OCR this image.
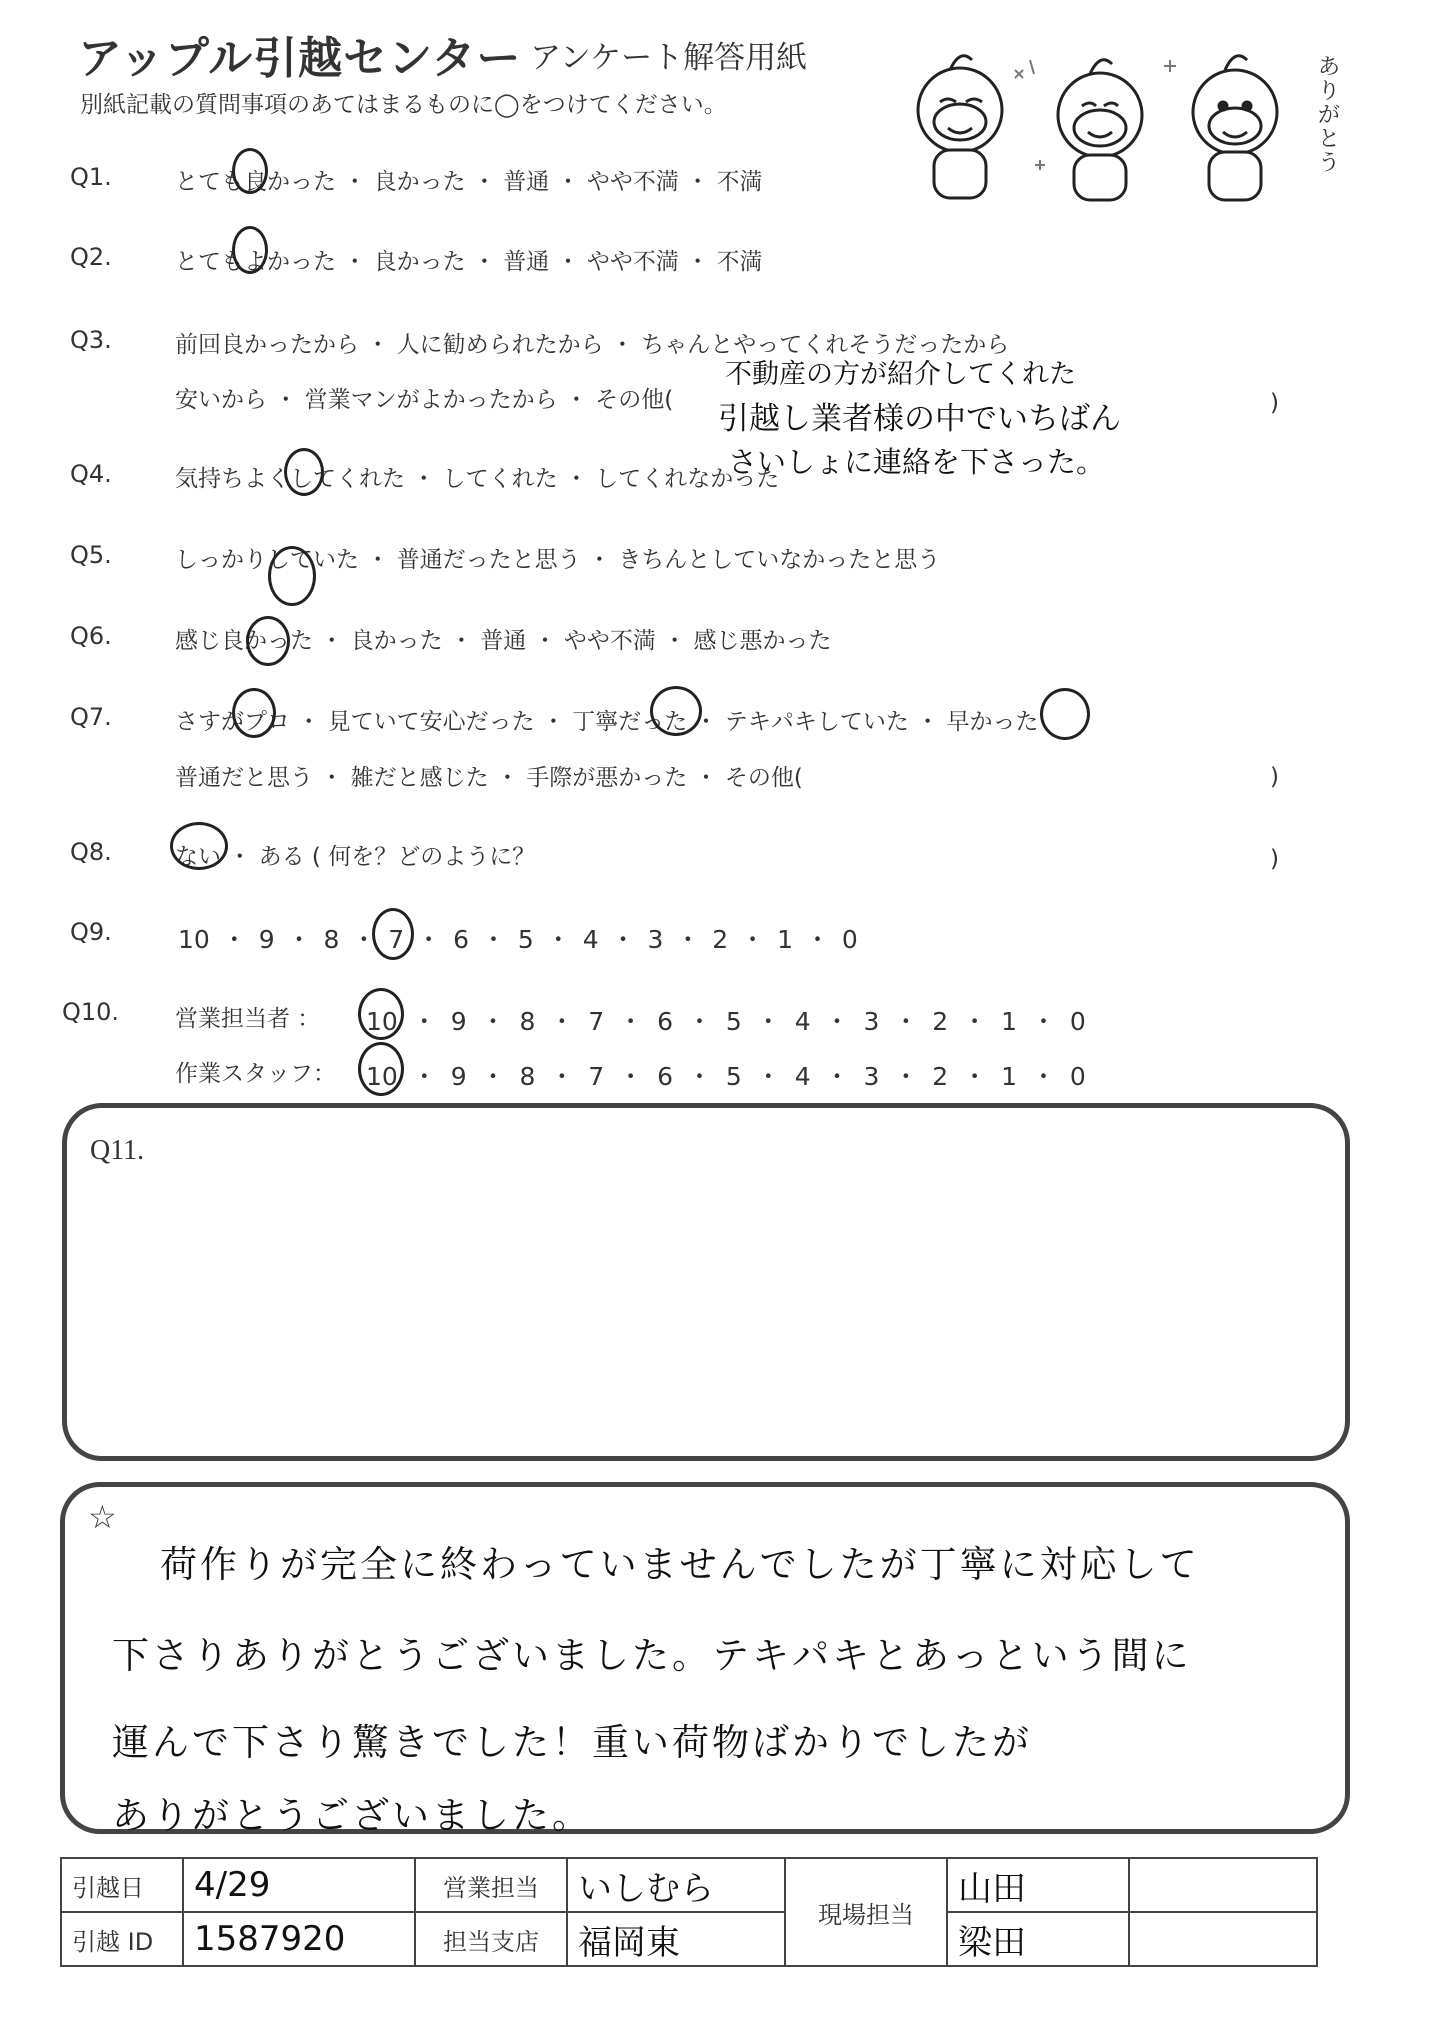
アップル引越センター アンケート解答用紙
別紙記載の質問事項のあてはまるものに◯をつけてください。
ありがとう
Q1.	とても良かった ・ 良かった ・ 普通 ・ やや不満 ・ 不満
Q2.	とてもよかった ・ 良かった ・ 普通 ・ やや不満 ・ 不満
Q3.	前回良かったから ・ 人に勧められたから ・ ちゃんとやってくれそうだったから
安いから ・ 営業マンがよかったから ・ その他(	)
不動産の方が紹介してくれた
引越し業者様の中でいちばん
さいしょに連絡を下さった。
Q4.	気持ちよくしてくれた ・ してくれた ・ してくれなかった
Q5.	しっかりしていた ・ 普通だったと思う ・ きちんとしていなかったと思う
Q6.	感じ良かった ・ 良かった ・ 普通 ・ やや不満 ・ 感じ悪かった
Q7.	さすがプロ ・ 見ていて安心だった ・ 丁寧だった ・ テキパキしていた ・ 早かった
普通だと思う ・ 雑だと感じた ・ 手際が悪かった ・ その他(	)
Q8.	ない ・ ある ( 何を？どのように？	)
Q9.	10 ・ 9 ・ 8 ・ 7 ・ 6 ・ 5 ・ 4 ・ 3 ・ 2 ・ 1 ・ 0
Q10. 営業担当者 ： 10 ・ 9 ・ 8 ・ 7 ・ 6 ・ 5 ・ 4 ・ 3 ・ 2 ・ 1 ・ 0
作業スタッフ： 10 ・ 9 ・ 8 ・ 7 ・ 6 ・ 5 ・ 4 ・ 3 ・ 2 ・ 1 ・ 0
Q11.
☆
荷作りが完全に終わっていませんでしたが丁寧に対応して
下さりありがとうございました。テキパキとあっという間に
運んで下さり驚きでした！重い荷物ばかりでしたが
ありがとうございました。
引越日	4/29	営業担当	いしむら	現場担当	山田	
引越 ID	1587920	担当支店	福岡東		梁田	
